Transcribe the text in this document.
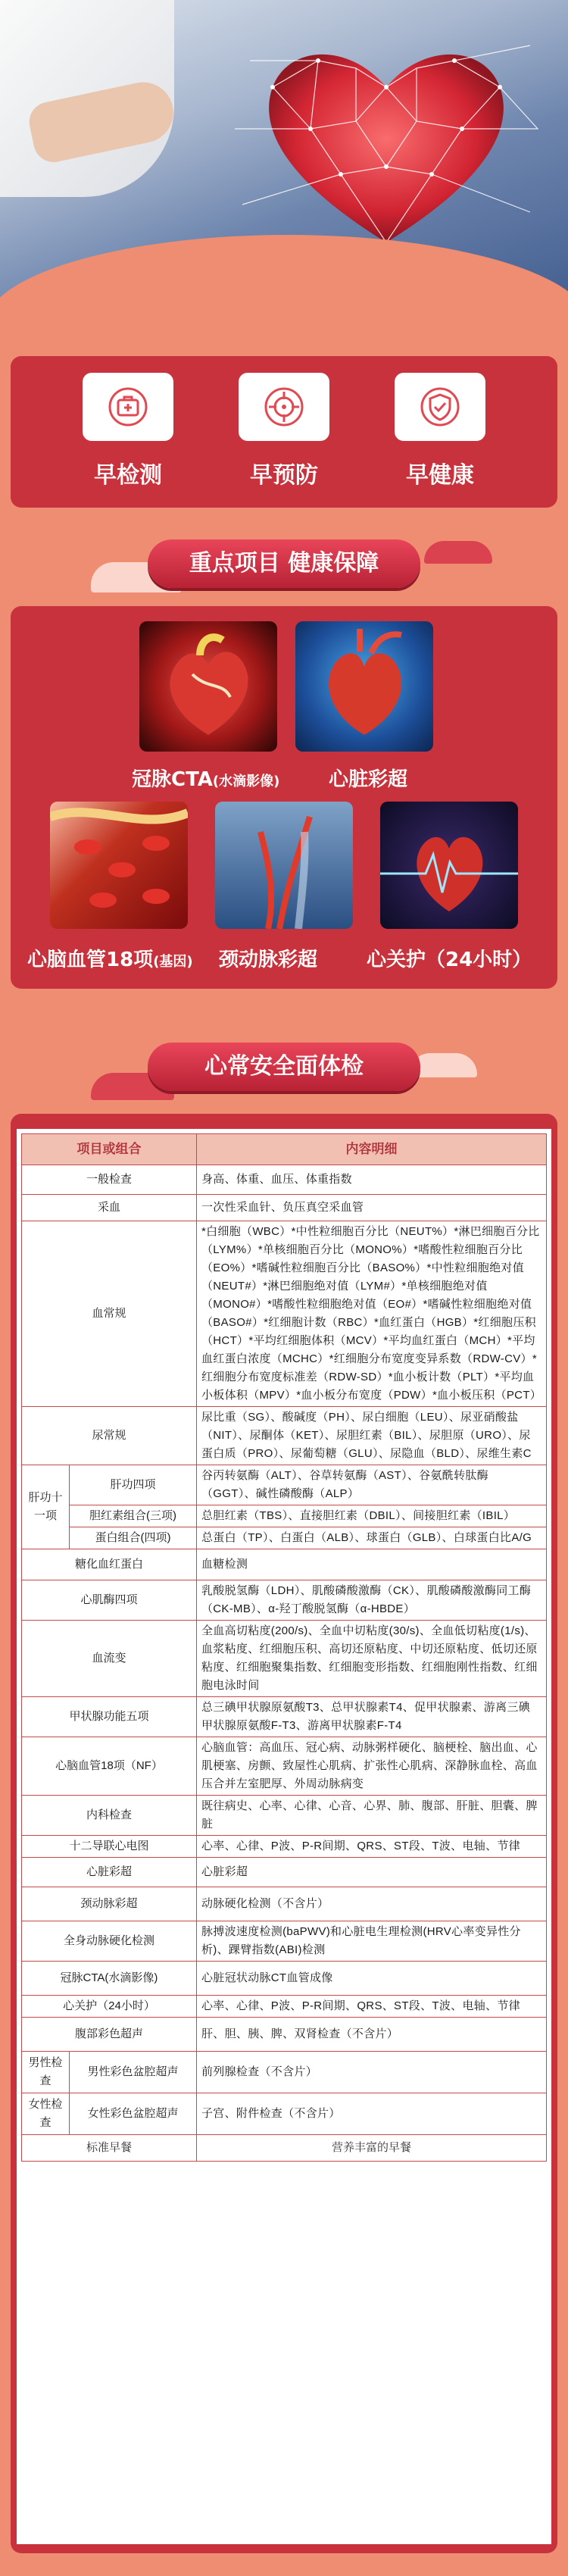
早检测	早预防	早健康
重点项目 健康保障
冠脉CTA(水滴影像) 心脏彩超
心脑血管18项(基因) 颈动脉彩超 心关护（24小时）
心常安全面体检
项目或组合		内容明细
一般检查		身高、体重、血压、体重指数
采血		一次性采血针、负压真空采血管
血常规		*白细胞（WBC）*中性粒细胞百分比（NEUT%）*淋巴细胞百分比（LYM%）*单核细胞百分比（MONO%）*嗜酸性粒细胞百分比（EO%）*嗜碱性粒细胞百分比（BASO%）*中性粒细胞绝对值（NEUT#）*淋巴细胞绝对值（LYM#）*单核细胞绝对值（MONO#）*嗜酸性粒细胞绝对值（EO#）*嗜碱性粒细胞绝对值（BASO#）*红细胞计数（RBC）*血红蛋白（HGB）*红细胞压积（HCT）*平均红细胞体积（MCV）*平均血红蛋白（MCH）*平均血红蛋白浓度（MCHC）*红细胞分布宽度变异系数（RDW-CV）*红细胞分布宽度标准差（RDW-SD）*血小板计数（PLT）*平均血小板体积（MPV）*血小板分布宽度（PDW）*血小板压积（PCT）
尿常规		尿比重（SG）、酸碱度（PH）、尿白细胞（LEU）、尿亚硝酸盐（NIT）、尿酮体（KET）、尿胆红素（BIL）、尿胆原（URO）、尿蛋白质（PRO）、尿葡萄糖（GLU）、尿隐血（BLD）、尿维生素C
肝功十一项	肝功四项	谷丙转氨酶（ALT）、谷草转氨酶（AST）、谷氨酰转肽酶（GGT）、碱性磷酸酶（ALP）
	胆红素组合(三项)	总胆红素（TBS）、直接胆红素（DBIL）、间接胆红素（IBIL）
	蛋白组合(四项)	总蛋白（TP）、白蛋白（ALB）、球蛋白（GLB）、白球蛋白比A/G
糖化血红蛋白		血糖检测
心肌酶四项		乳酸脱氢酶（LDH）、肌酸磷酸激酶（CK）、肌酸磷酸激酶同工酶（CK-MB）、α-羟丁酸脱氢酶（α-HBDE）
血流变		全血高切粘度(200/s)、全血中切粘度(30/s)、全血低切粘度(1/s)、血浆粘度、红细胞压积、高切还原粘度、中切还原粘度、低切还原粘度、红细胞聚集指数、红细胞变形指数、红细胞刚性指数、红细胞电泳时间
甲状腺功能五项		总三碘甲状腺原氨酸T3、总甲状腺素T4、促甲状腺素、游离三碘甲状腺原氨酸F-T3、游离甲状腺素F-T4
心脑血管18项（NF）		心脑血管：高血压、冠心病、动脉粥样硬化、脑梗栓、脑出血、心肌梗塞、房颤、致屋性心肌病、扩张性心肌病、深静脉血栓、高血压合并左室肥厚、外周动脉病变
内科检查		既往病史、心率、心律、心音、心界、肺、腹部、肝脏、胆囊、脾脏
十二导联心电图		心率、心律、P波、P-R间期、QRS、ST段、T波、电轴、节律
心脏彩超		心脏彩超
颈动脉彩超		动脉硬化检测（不含片）
全身动脉硬化检测		脉搏波速度检测(baPWV)和心脏电生理检测(HRV心率变异性分析)、踝臂指数(ABI)检测
冠脉CTA(水滴影像)		心脏冠状动脉CT血管成像
心关护（24小时）		心率、心律、P波、P-R间期、QRS、ST段、T波、电轴、节律
腹部彩色超声		肝、胆、胰、脾、双肾检查（不含片）
男性检查	男性彩色盆腔超声	前列腺检查（不含片）
女性检查	女性彩色盆腔超声	子宫、附件检查（不含片）
标准早餐		营养丰富的早餐
